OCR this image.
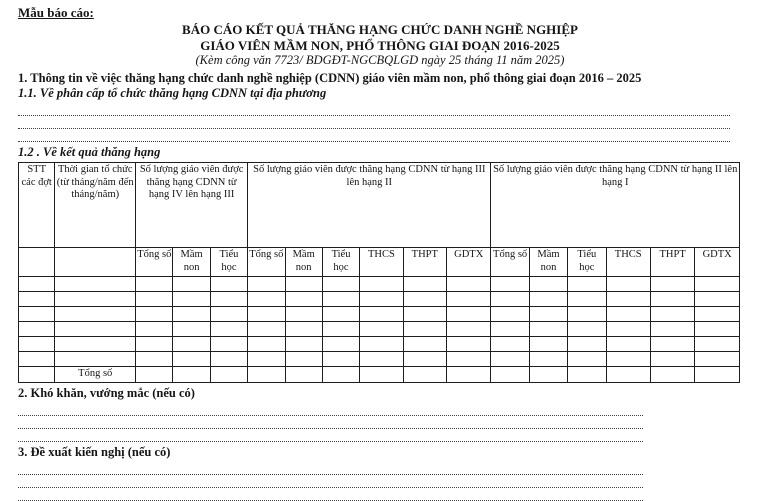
Mẫu báo cáo:
BÁO CÁO KẾT QUẢ THĂNG HẠNG CHỨC DANH NGHỀ NGHIỆP
GIÁO VIÊN MẦM NON, PHỔ THÔNG GIAI ĐOẠN 2016-2025
(Kèm công văn 7723/ BDGĐT-NGCBQLGD ngày 25 tháng 11 năm 2025)
1. Thông tin về việc thăng hạng chức danh nghề nghiệp (CDNN) giáo viên mầm non, phổ thông giai đoạn 2016 – 2025
1.1. Về phân cấp tổ chức thăng hạng CDNN tại địa phương
1.2 . Về kết quả thăng hạng
STT các đợt	Thời gian tổ chức (từ tháng/năm đến tháng/năm)	Số lượng giáo viên được thăng hạng CDNN từ hạng IV lên hạng III			Số lượng giáo viên được thăng hạng CDNN từ hạng III lên hạng II						Số lượng giáo viên được thăng hạng CDNN từ hạng II lên hạng I					
		Tổng số	Mầm non	Tiểu học	Tổng số	Mầm non	Tiểu học	THCS	THPT	GDTX	Tổng số	Mầm non	Tiểu học	THCS	THPT	GDTX

	Tổng số															
2. Khó khăn, vướng mắc (nếu có)
3. Đề xuất kiến nghị (nếu có)
